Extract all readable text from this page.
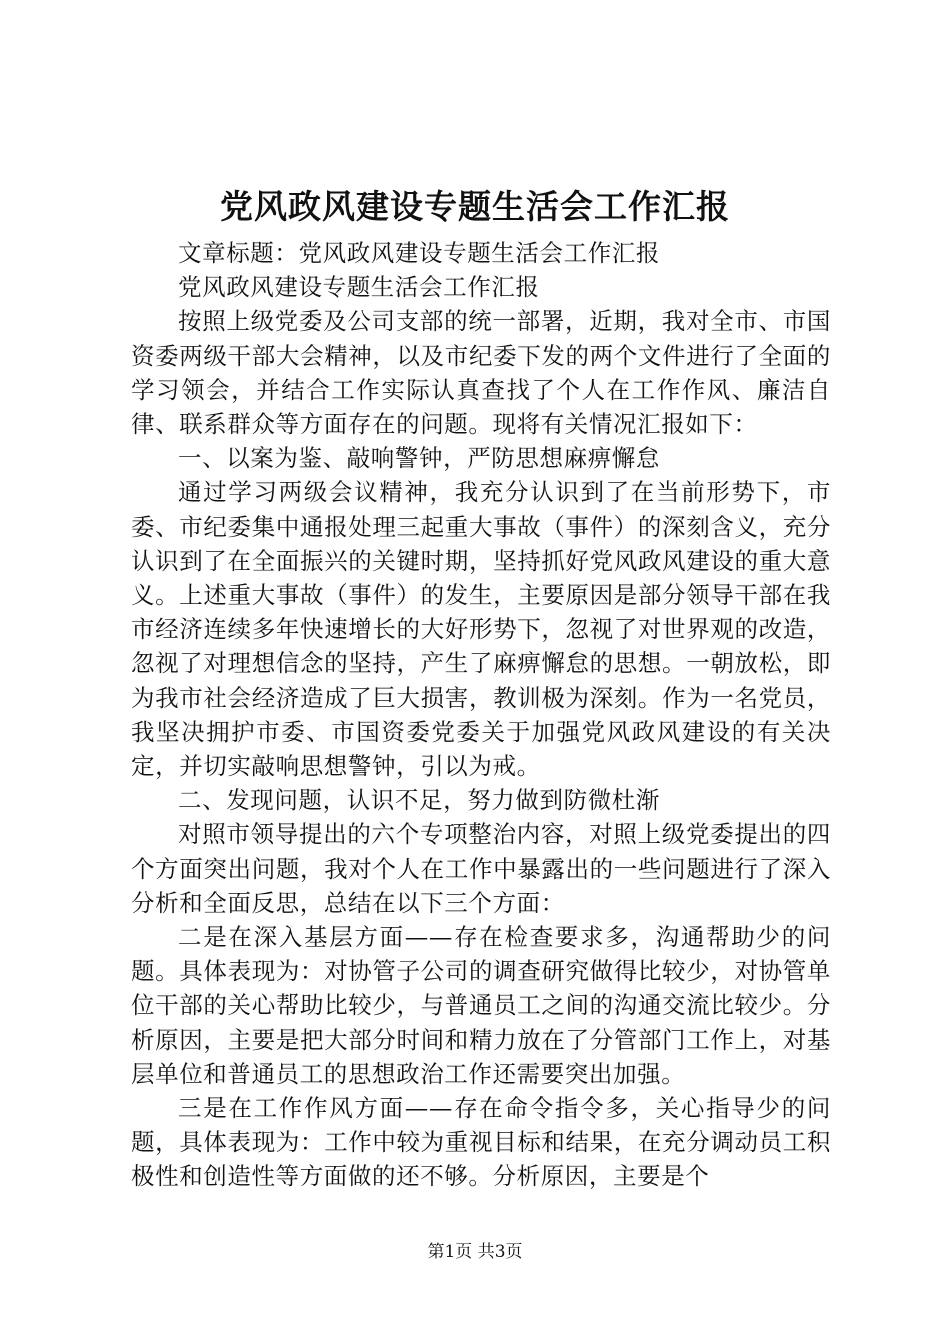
党风政风建设专题生活会工作汇报

文章标题：党风政风建设专题生活会工作汇报

党风政风建设专题生活会工作汇报

按照上级党委及公司支部的统一部署，近期，我对全市、市国资委两级干部大会精神，以及市纪委下发的两个文件进行了全面的学习领会，并结合工作实际认真查找了个人在工作作风、廉洁自律、联系群众等方面存在的问题。现将有关情况汇报如下：

一、以案为鉴、敲响警钟，严防思想麻痹懈怠

通过学习两级会议精神，我充分认识到了在当前形势下，市委、市纪委集中通报处理三起重大事故（事件）的深刻含义，充分认识到了在全面振兴的关键时期，坚持抓好党风政风建设的重大意义。上述重大事故（事件）的发生，主要原因是部分领导干部在我市经济连续多年快速增长的大好形势下，忽视了对世界观的改造，忽视了对理想信念的坚持，产生了麻痹懈怠的思想。一朝放松，即为我市社会经济造成了巨大损害，教训极为深刻。作为一名党员，我坚决拥护市委、市国资委党委关于加强党风政风建设的有关决定，并切实敲响思想警钟，引以为戒。

二、发现问题，认识不足，努力做到防微杜渐

对照市领导提出的六个专项整治内容，对照上级党委提出的四个方面突出问题，我对个人在工作中暴露出的一些问题进行了深入分析和全面反思，总结在以下三个方面：

二是在深入基层方面——存在检查要求多，沟通帮助少的问题。具体表现为：对协管子公司的调查研究做得比较少，对协管单位干部的关心帮助比较少，与普通员工之间的沟通交流比较少。分析原因，主要是把大部分时间和精力放在了分管部门工作上，对基层单位和普通员工的思想政治工作还需要突出加强。

三是在工作作风方面——存在命令指令多，关心指导少的问题，具体表现为：工作中较为重视目标和结果，在充分调动员工积极性和创造性等方面做的还不够。分析原因，主要是个

第1页 共3页
